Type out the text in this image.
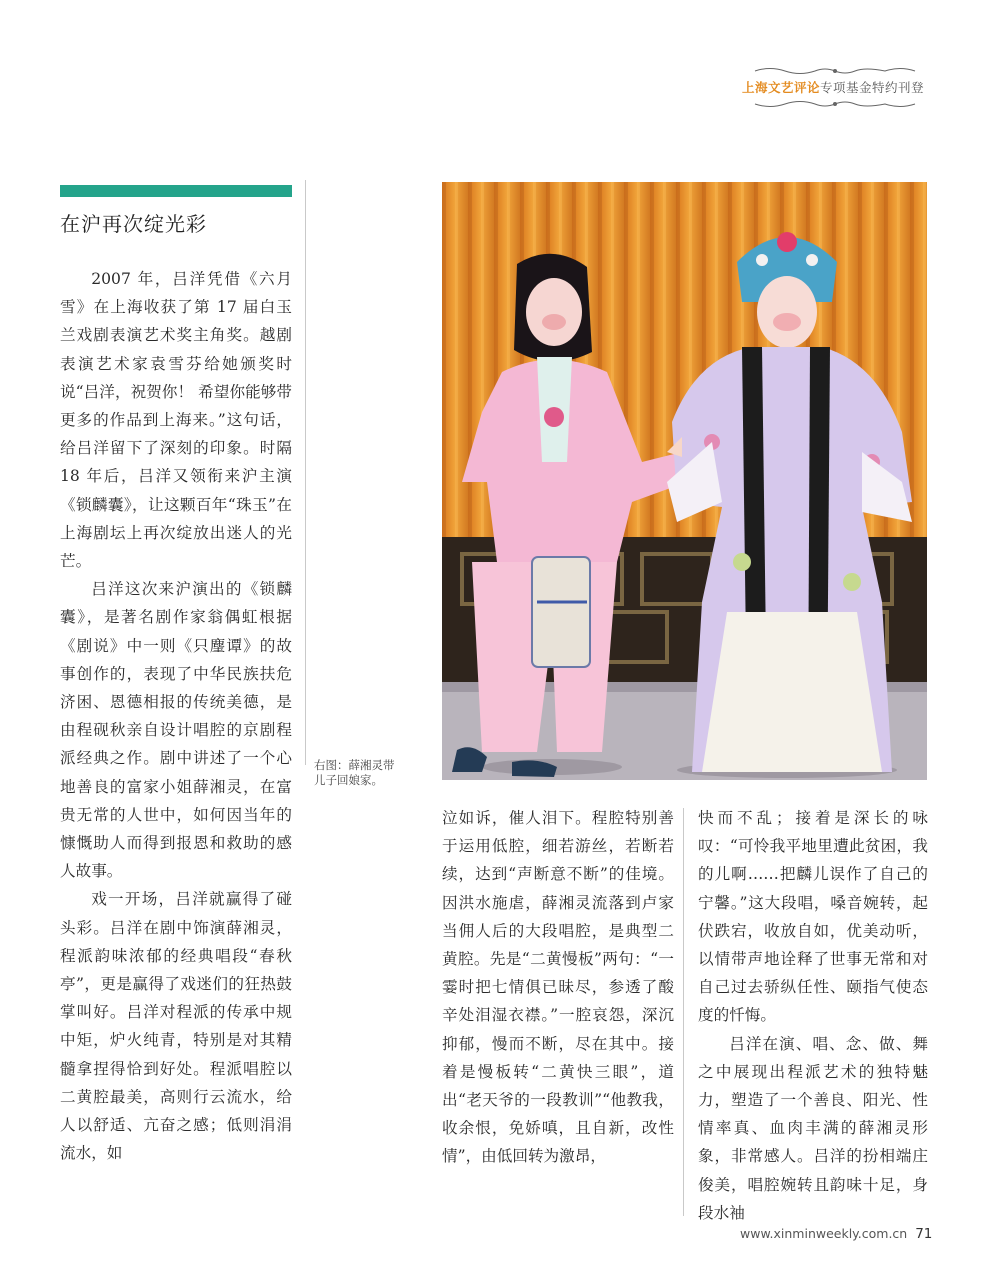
上海文艺评论专项基金特约刊登
在沪再次绽光彩

2007 年，吕洋凭借《六月雪》在上海收获了第 17 届白玉兰戏剧表演艺术奖主角奖。越剧表演艺术家袁雪芬给她颁奖时说“吕洋，祝贺你！ 希望你能够带更多的作品到上海来。”这句话，给吕洋留下了深刻的印象。时隔 18 年后，吕洋又领衔来沪主演《锁麟囊》，让这颗百年“珠玉”在上海剧坛上再次绽放出迷人的光芒。

吕洋这次来沪演出的《锁麟囊》，是著名剧作家翁偶虹根据《剧说》中一则《只麈谭》的故事创作的，表现了中华民族扶危济困、恩德相报的传统美德，是由程砚秋亲自设计唱腔的京剧程派经典之作。剧中讲述了一个心地善良的富家小姐薛湘灵，在富贵无常的人世中，如何因当年的慷慨助人而得到报恩和救助的感人故事。

戏一开场，吕洋就赢得了碰头彩。吕洋在剧中饰演薛湘灵，程派韵味浓郁的经典唱段“春秋亭”，更是赢得了戏迷们的狂热鼓掌叫好。吕洋对程派的传承中规中矩，炉火纯青，特别是对其精髓拿捏得恰到好处。程派唱腔以二黄腔最美，高则行云流水，给人以舒适、亢奋之感；低则涓涓流水，如

右图：薛湘灵带
儿子回娘家。

泣如诉，催人泪下。程腔特别善于运用低腔，细若游丝，若断若续，达到“声断意不断”的佳境。因洪水施虐，薛湘灵流落到卢家当佣人后的大段唱腔，是典型二黄腔。先是“二黄慢板”两句：“一霎时把七情俱已昧尽，参透了酸辛处泪湿衣襟。”一腔哀怨，深沉抑郁，慢而不断，尽在其中。接着是慢板转“二黄快三眼”，道出“老天爷的一段教训”“他教我，收余恨，免娇嗔，且自新，改性情”，由低回转为激昂，

快而不乱；接着是深长的咏叹：“可怜我平地里遭此贫困，我的儿啊……把麟儿误作了自己的宁馨。”这大段唱，嗓音婉转，起伏跌宕，收放自如，优美动听，以情带声地诠释了世事无常和对自己过去骄纵任性、颐指气使态度的忏悔。

吕洋在演、唱、念、做、舞之中展现出程派艺术的独特魅力，塑造了一个善良、阳光、性情率真、血肉丰满的薛湘灵形象，非常感人。吕洋的扮相端庄俊美，唱腔婉转且韵味十足，身段水袖

www.xinminweekly.com.cn 71
